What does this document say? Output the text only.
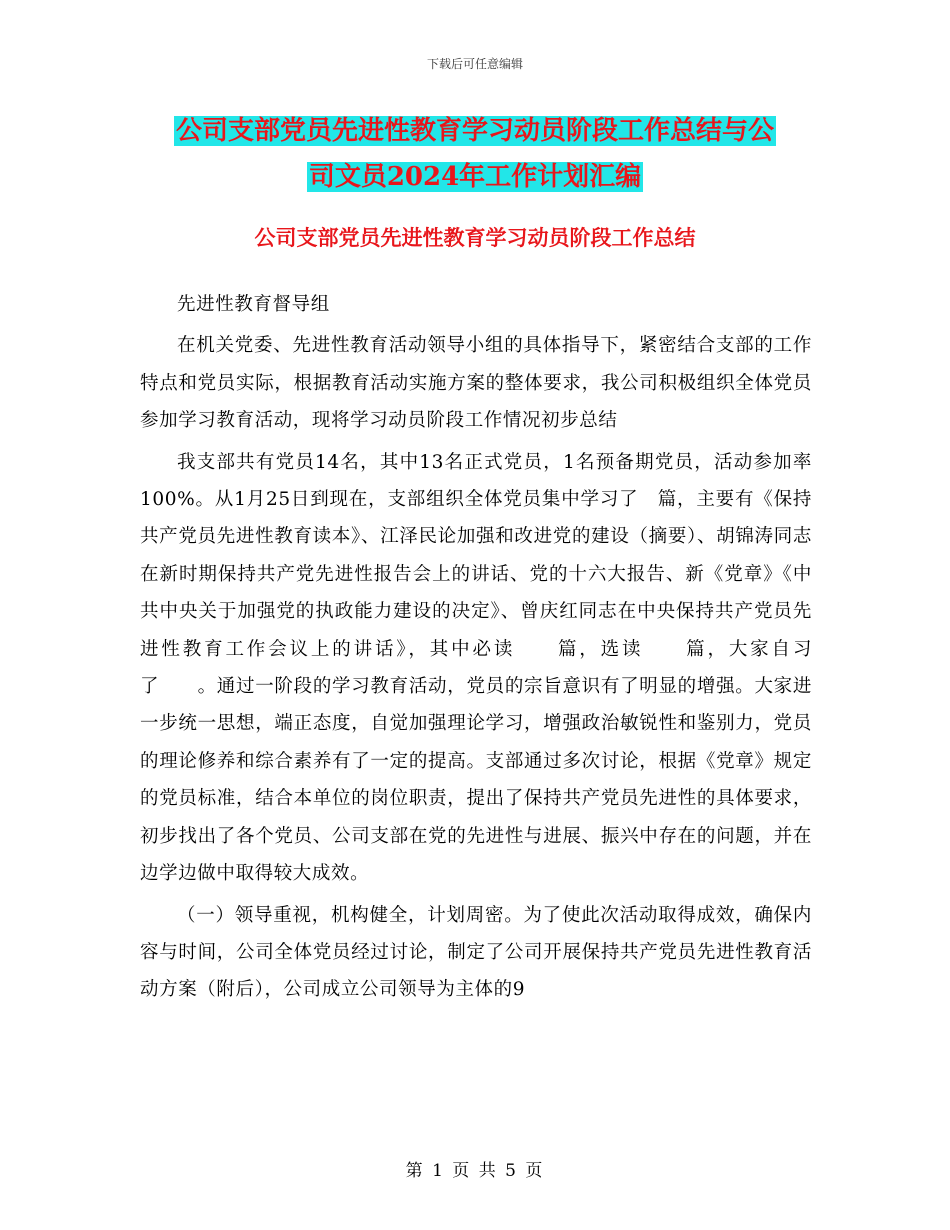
下载后可任意编辑
公司支部党员先进性教育学习动员阶段工作总结与公
司文员2024年工作计划汇编
公司支部党员先进性教育学习动员阶段工作总结

先进性教育督导组

在机关党委、先进性教育活动领导小组的具体指导下，紧密结合支部的工作特点和党员实际，根据教育活动实施方案的整体要求，我公司积极组织全体党员参加学习教育活动，现将学习动员阶段工作情况初步总结

我支部共有党员14名，其中13名正式党员，1名预备期党员，活动参加率100%。从1月25日到现在，支部组织全体党员集中学习了　篇，主要有《保持共产党员先进性教育读本》、江泽民论加强和改进党的建设（摘要）、胡锦涛同志在新时期保持共产党先进性报告会上的讲话、党的十六大报告、新《党章》《中共中央关于加强党的执政能力建设的决定》、曾庆红同志在中央保持共产党员先进性教育工作会议上的讲话》，其中必读　　篇，选读　　篇，大家自习了　　。通过一阶段的学习教育活动，党员的宗旨意识有了明显的增强。大家进一步统一思想，端正态度，自觉加强理论学习，增强政治敏锐性和鉴别力，党员的理论修养和综合素养有了一定的提高。支部通过多次讨论，根据《党章》规定的党员标准，结合本单位的岗位职责，提出了保持共产党员先进性的具体要求，初步找出了各个党员、公司支部在党的先进性与进展、振兴中存在的问题，并在边学边做中取得较大成效。

（一）领导重视，机构健全，计划周密。为了使此次活动取得成效，确保内容与时间，公司全体党员经过讨论，制定了公司开展保持共产党员先进性教育活动方案（附后），公司成立公司领导为主体的9

第 1 页 共 5 页
